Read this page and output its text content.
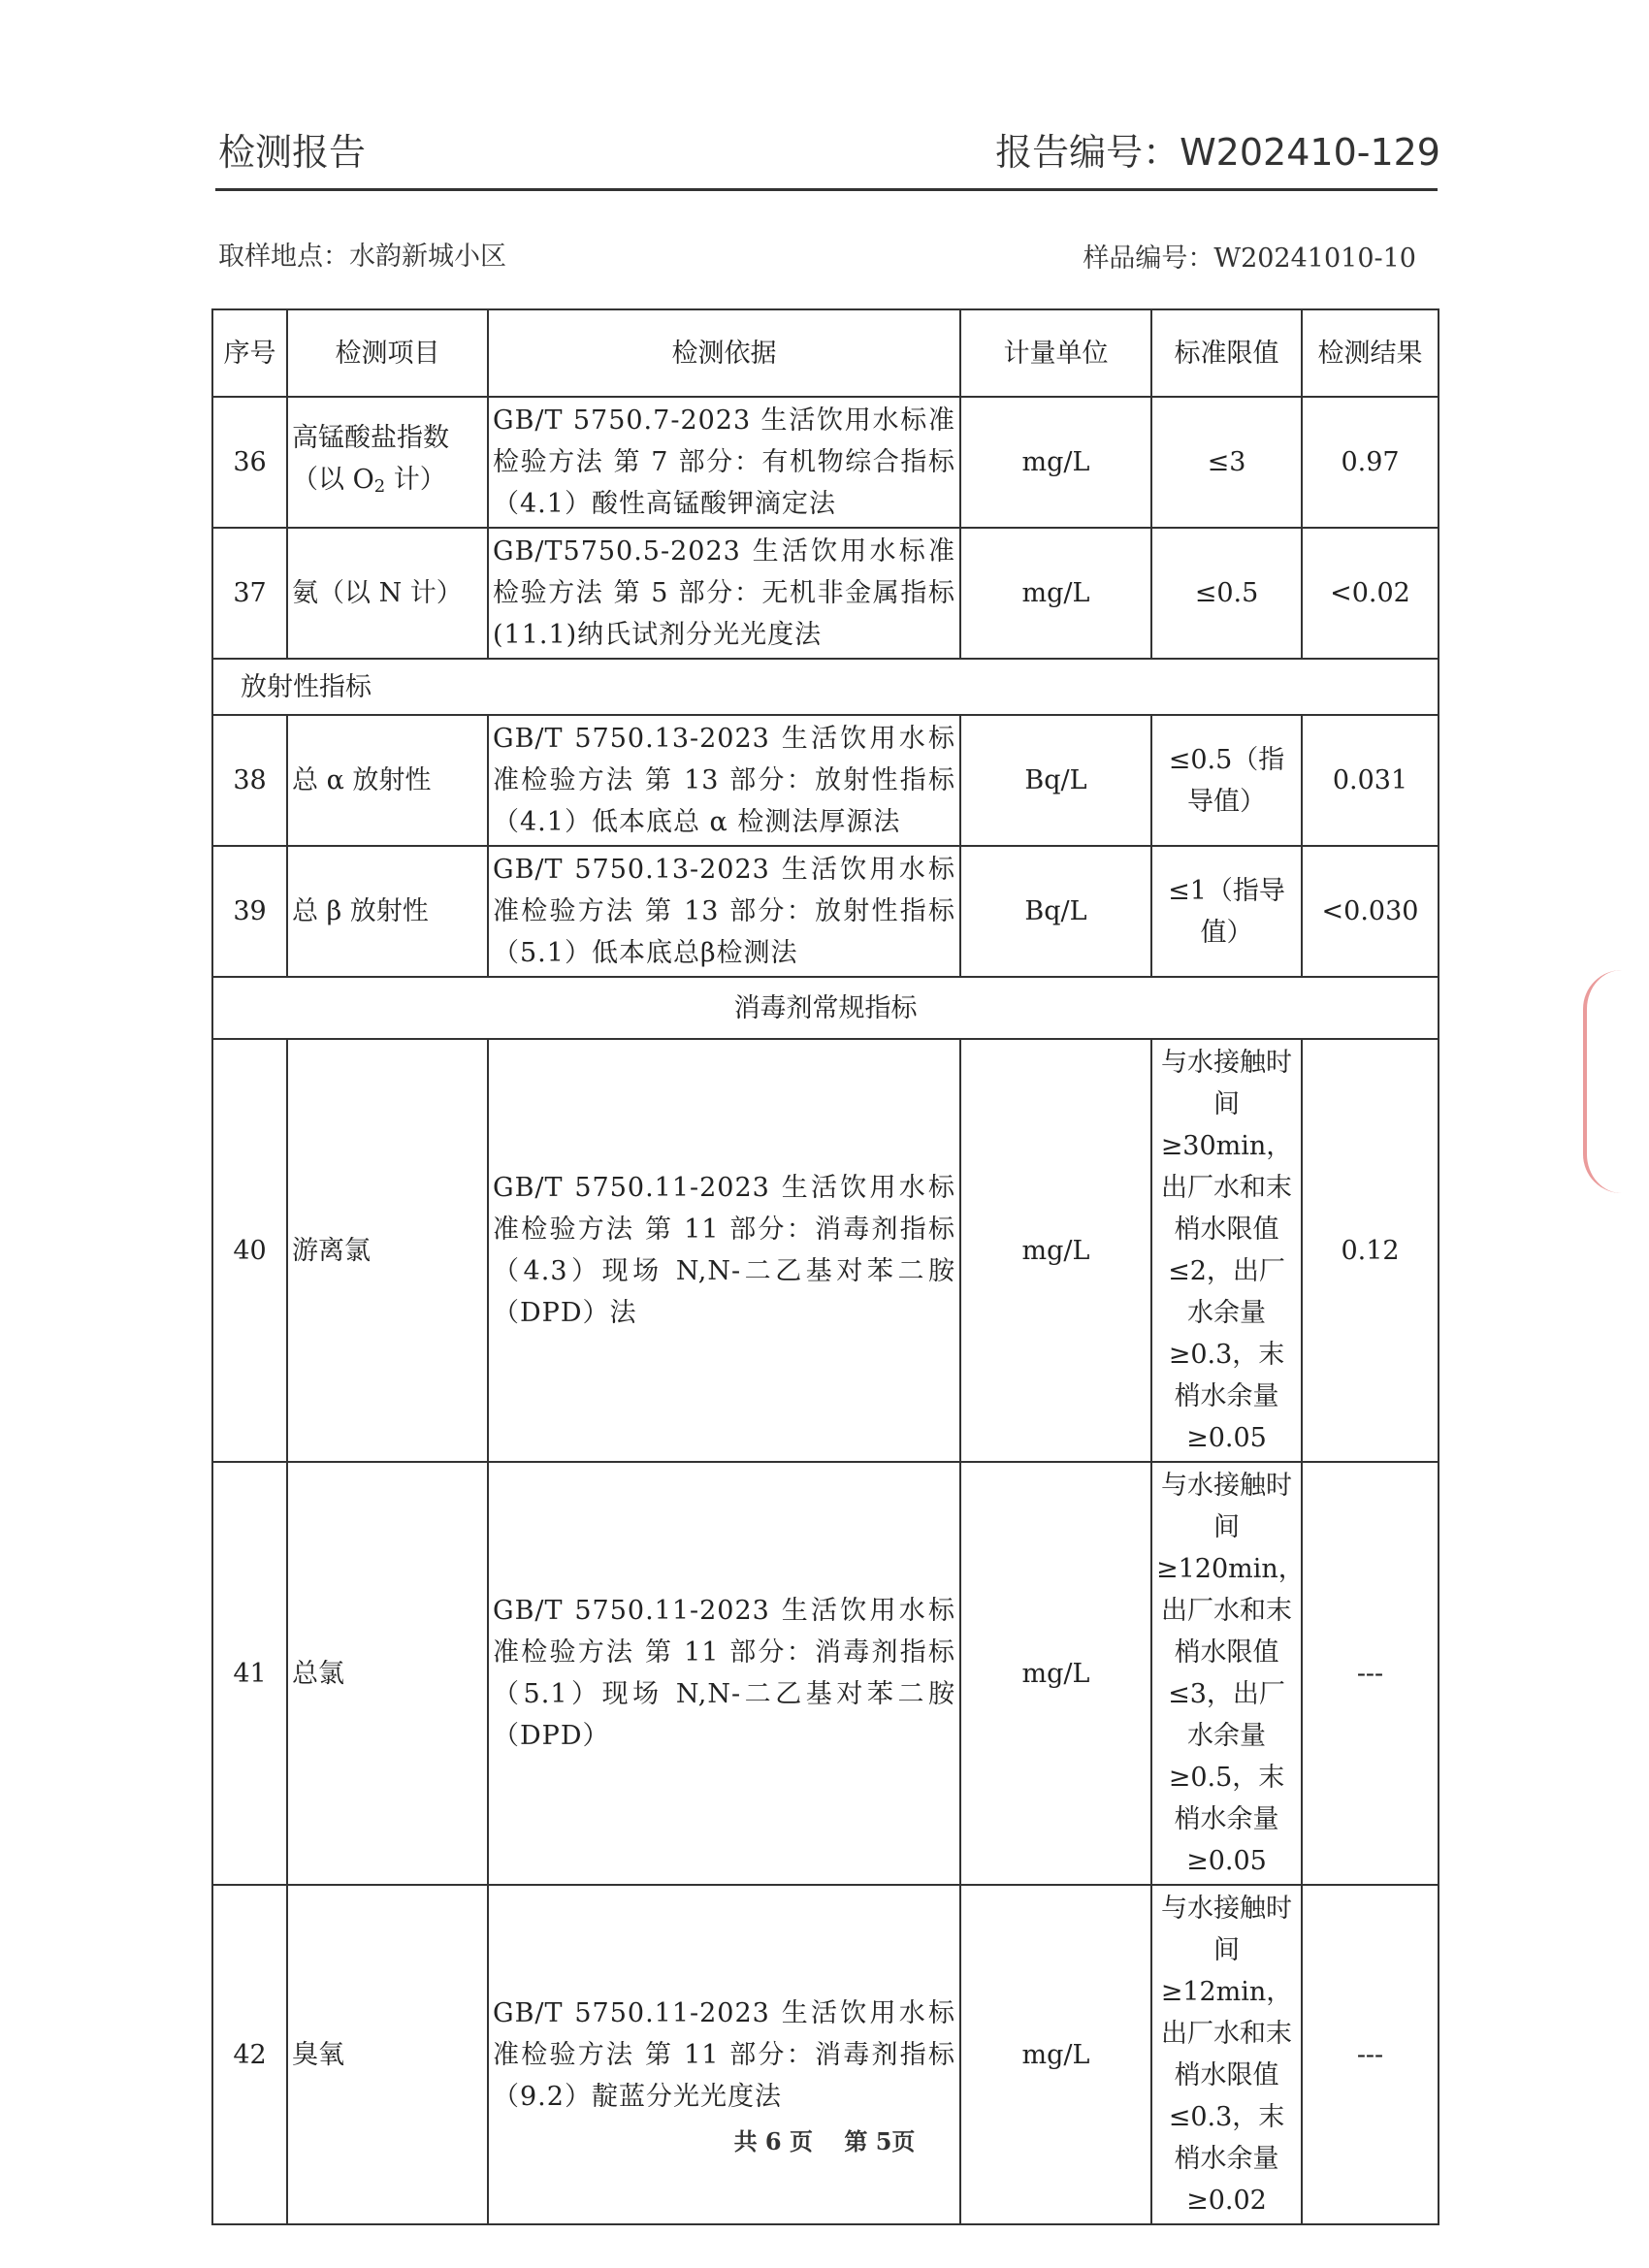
检测报告	报告编号：W202410-129
取样地点：水韵新城小区	样品编号：W20241010-10
序号	检测项目	检测依据	计量单位	标准限值	检测结果
36	高锰酸盐指数（以 $O_2$ 计）	GB/T 5750.7-2023 生活饮用水标准检验方法 第 7 部分：有机物综合指标（4.1）酸性高锰酸钾滴定法	mg/L	≤3	0.97
37	氨（以 N 计）	GB/T5750.5-2023 生活饮用水标准检验方法 第 5 部分：无机非金属指标(11.1)纳氏试剂分光光度法	mg/L	≤0.5	<0.02
放射性指标					
38	总 α 放射性	GB/T 5750.13-2023 生活饮用水标准检验方法 第 13 部分：放射性指标（4.1）低本底总 α 检测法厚源法	Bq/L	≤0.5（指导值）	0.031
39	总 β 放射性	GB/T 5750.13-2023 生活饮用水标准检验方法 第 13 部分：放射性指标（5.1）低本底总β检测法	Bq/L	≤1（指导值）	<0.030
消毒剂常规指标					
40	游离氯	GB/T 5750.11-2023 生活饮用水标准检验方法 第 11 部分：消毒剂指标（4.3）现场 N,N-二乙基对苯二胺（DPD）法	mg/L	与水接触时间≥30min，出厂水和末梢水限值≤2，出厂水余量≥0.3，末梢水余量≥0.05	0.12
41	总氯	GB/T 5750.11-2023 生活饮用水标准检验方法 第 11 部分：消毒剂指标（5.1）现场 N,N-二乙基对苯二胺（DPD）	mg/L	与水接触时间≥120min，出厂水和末梢水限值≤3，出厂水余量≥0.5，末梢水余量≥0.05	---
42	臭氧	GB/T 5750.11-2023 生活饮用水标准检验方法 第 11 部分：消毒剂指标（9.2）靛蓝分光光度法	mg/L	与水接触时间≥12min，出厂水和末梢水限值≤0.3，末梢水余量≥0.02	---
共 6 页 第 5页
